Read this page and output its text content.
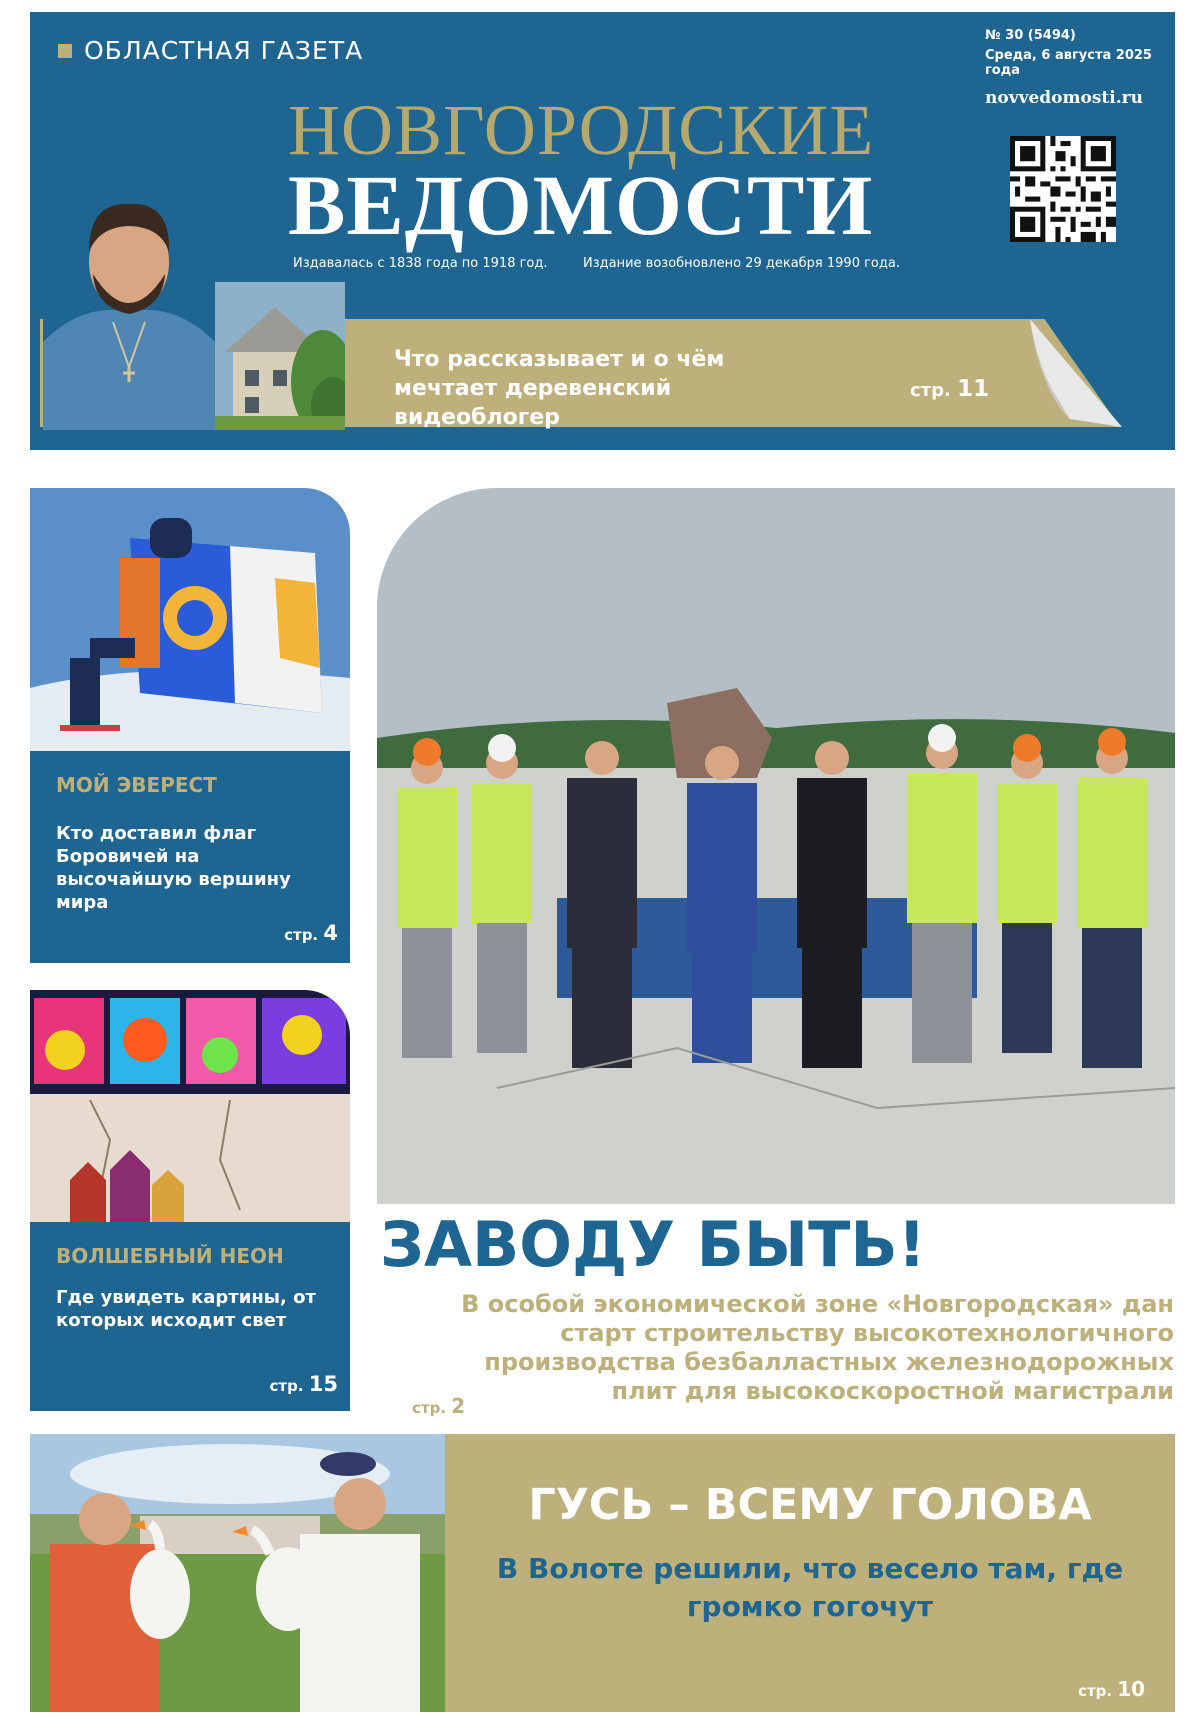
ОБЛАСТНАЯ ГАЗЕТА
№ 30 (5494)
Среда, 6 августа 2025 года
novvedomosti.ru
НОВГОРОДСКИЕ
ВЕДОМОСТИ
Издавалась с 1838 года по 1918 год.	Издание возобновлено 29 декабря 1990 года.
Что рассказывает и о чём мечтает деревенский видеоблогер
стр. 11
МОЙ ЭВЕРЕСТ
Кто доставил флаг Боровичей на высочайшую вершину мира
стр. 4
ВОЛШЕБНЫЙ НЕОН
Где увидеть картины, от которых исходит свет
стр. 15
ЗАВОДУ БЫТЬ!
В особой экономической зоне «Новгородская» дан старт строительству высокотехнологичного производства безбалластных железнодорожных плит для высокоскоростной магистрали
стр. 2
ГУСЬ – ВСЕМУ ГОЛОВА
В Волоте решили, что весело там, где громко гогочут
стр. 10
